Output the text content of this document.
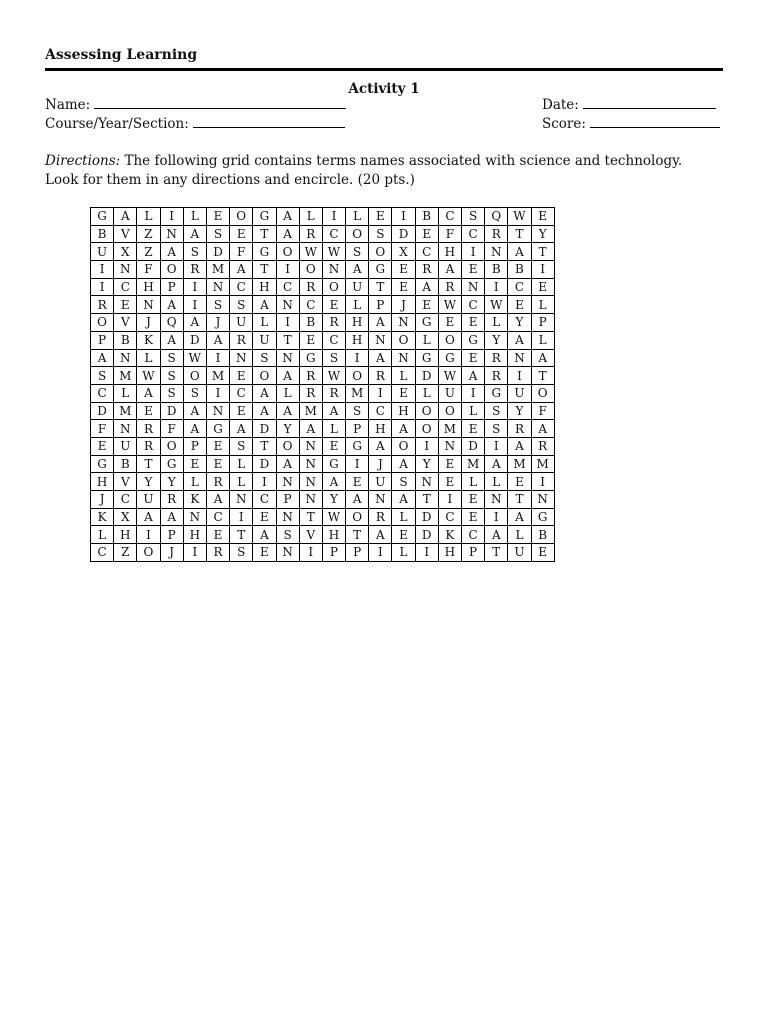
Assessing Learning
Activity 1
Name:	Date:
Course/Year/Section:	Score:
Directions: The following grid contains terms names associated with science and technology. Look for them in any directions and encircle. (20 pts.)
G	A	L	I	L	E	O	G	A	L	I	L	E	I	B	C	S	Q	W	E
B	V	Z	N	A	S	E	T	A	R	C	O	S	D	E	F	C	R	T	Y
U	X	Z	A	S	D	F	G	O	W	W	S	O	X	C	H	I	N	A	T
I	N	F	O	R	M	A	T	I	O	N	A	G	E	R	A	E	B	B	I
I	C	H	P	I	N	C	H	C	R	O	U	T	E	A	R	N	I	C	E
R	E	N	A	I	S	S	A	N	C	E	L	P	J	E	W	C	W	E	L
O	V	J	Q	A	J	U	L	I	B	R	H	A	N	G	E	E	L	Y	P
P	B	K	A	D	A	R	U	T	E	C	H	N	O	L	O	G	Y	A	L
A	N	L	S	W	I	N	S	N	G	S	I	A	N	G	G	E	R	N	A
S	M	W	S	O	M	E	O	A	R	W	O	R	L	D	W	A	R	I	T
C	L	A	S	S	I	C	A	L	R	R	M	I	E	L	U	I	G	U	O
D	M	E	D	A	N	E	A	A	M	A	S	C	H	O	O	L	S	Y	F
F	N	R	F	A	G	A	D	Y	A	L	P	H	A	O	M	E	S	R	A
E	U	R	O	P	E	S	T	O	N	E	G	A	O	I	N	D	I	A	R
G	B	T	G	E	E	L	D	A	N	G	I	J	A	Y	E	M	A	M	M
H	V	Y	Y	L	R	L	I	N	N	A	E	U	S	N	E	L	L	E	I
J	C	U	R	K	A	N	C	P	N	Y	A	N	A	T	I	E	N	T	N
K	X	A	A	N	C	I	E	N	T	W	O	R	L	D	C	E	I	A	G
L	H	I	P	H	E	T	A	S	V	H	T	A	E	D	K	C	A	L	B
C	Z	O	J	I	R	S	E	N	I	P	P	I	L	I	H	P	T	U	E
